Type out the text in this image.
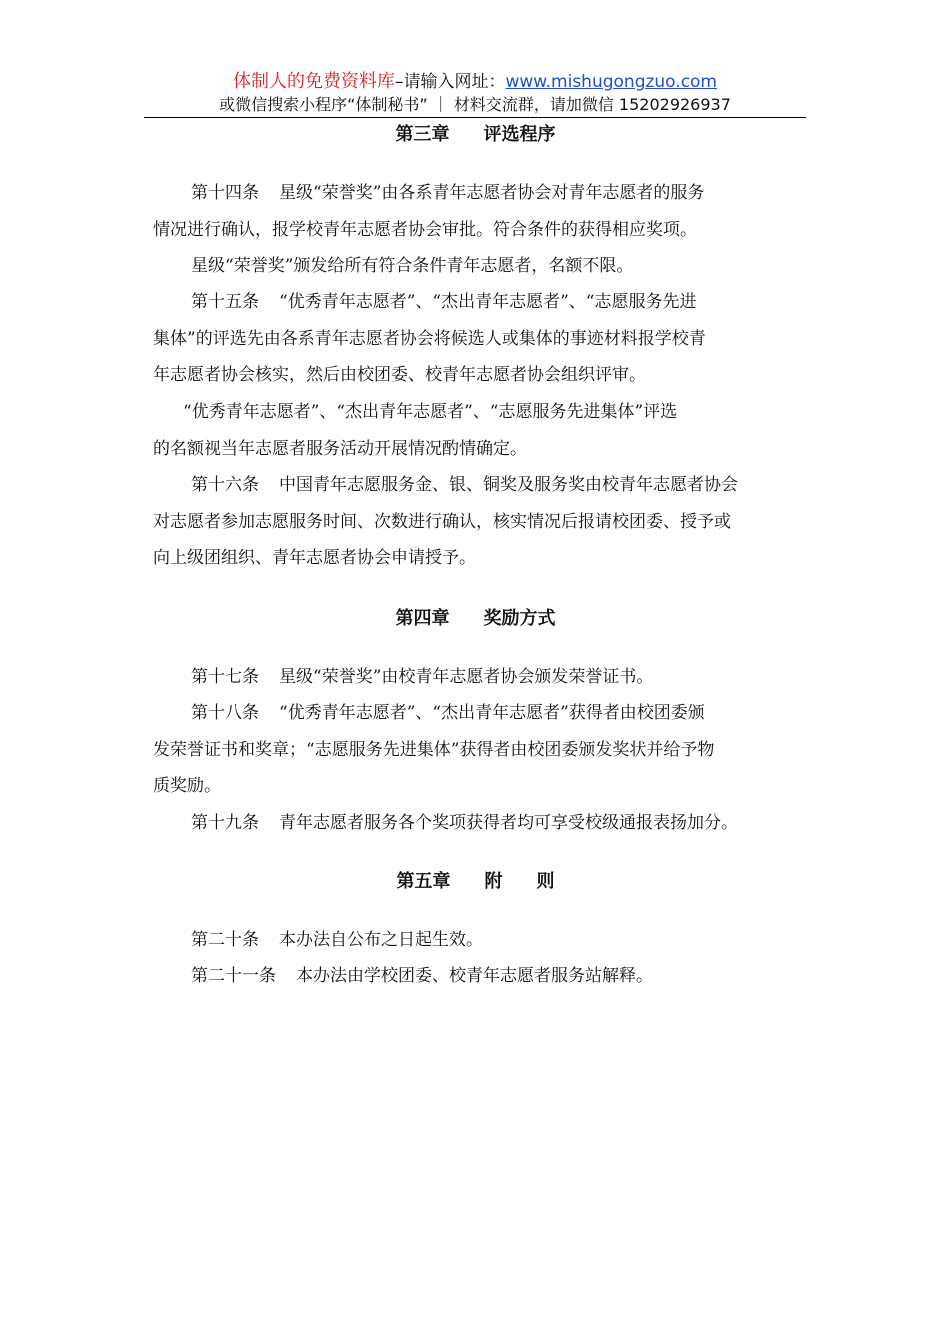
体制人的免费资料库–请输入网址：www.mishugongzuo.com
或微信搜索小程序“体制秘书” ｜ 材料交流群，请加微信 15202926937
第三章 评选程序
第十四条 星级“荣誉奖”由各系青年志愿者协会对青年志愿者的服务
情况进行确认，报学校青年志愿者协会审批。符合条件的获得相应奖项。
星级“荣誉奖”颁发给所有符合条件青年志愿者，名额不限。
第十五条 “优秀青年志愿者”、“杰出青年志愿者”、“志愿服务先进
集体”的评选先由各系青年志愿者协会将候选人或集体的事迹材料报学校青
年志愿者协会核实，然后由校团委、校青年志愿者协会组织评审。
“优秀青年志愿者”、“杰出青年志愿者”、“志愿服务先进集体”评选
的名额视当年志愿者服务活动开展情况酌情确定。
第十六条 中国青年志愿服务金、银、铜奖及服务奖由校青年志愿者协会
对志愿者参加志愿服务时间、次数进行确认，核实情况后报请校团委、授予或
向上级团组织、青年志愿者协会申请授予。
第四章 奖励方式
第十七条 星级“荣誉奖”由校青年志愿者协会颁发荣誉证书。
第十八条 “优秀青年志愿者”、“杰出青年志愿者”获得者由校团委颁
发荣誉证书和奖章；“志愿服务先进集体”获得者由校团委颁发奖状并给予物
质奖励。
第十九条 青年志愿者服务各个奖项获得者均可享受校级通报表扬加分。
第五章 附 则
第二十条 本办法自公布之日起生效。
第二十一条 本办法由学校团委、校青年志愿者服务站解释。
